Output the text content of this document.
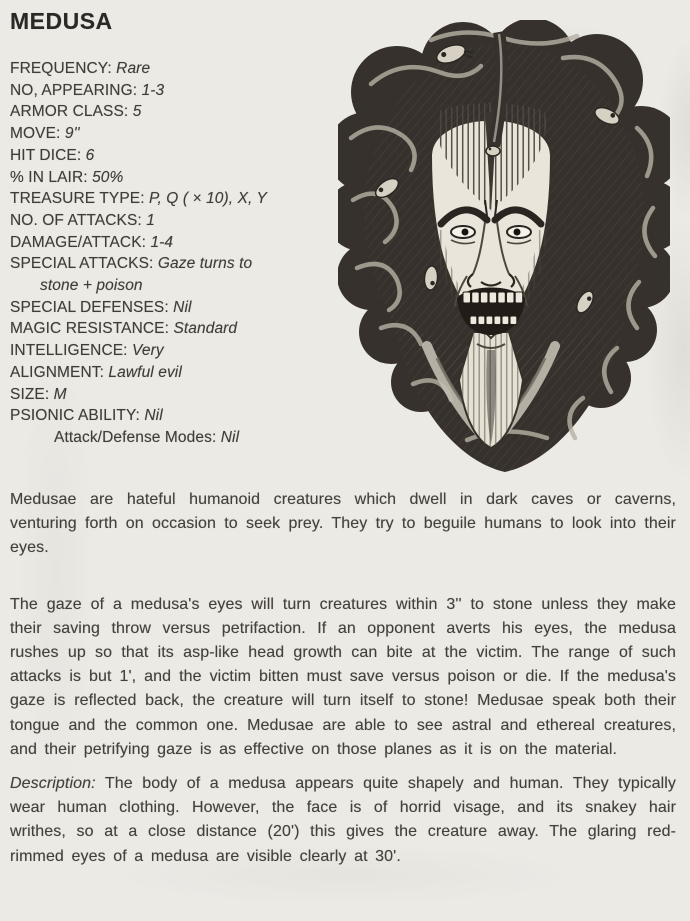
MEDUSA
FREQUENCY: Rare
NO, APPEARING: 1-3
ARMOR CLASS: 5
MOVE: 9''
HIT DICE: 6
% IN LAIR: 50%
TREASURE TYPE: P, Q ( × 10), X, Y
NO. OF ATTACKS: 1
DAMAGE/ATTACK: 1-4
SPECIAL ATTACKS: Gaze turns to
stone + poison
SPECIAL DEFENSES: Nil
MAGIC RESISTANCE: Standard
INTELLIGENCE: Very
ALIGNMENT: Lawful evil
SIZE: M
PSIONIC ABILITY: Nil
Attack/Defense Modes: Nil

Medusae are hateful humanoid creatures which dwell in dark caves or caverns, venturing forth on occasion to seek prey. They try to beguile humans to look into their eyes.

The gaze of a medusa's eyes will turn creatures within 3'' to stone unless they make their saving throw versus petrifaction. If an opponent averts his eyes, the medusa rushes up so that its asp-like head growth can bite at the victim. The range of such attacks is but 1', and the victim bitten must save versus poison or die. If the medusa's gaze is reflected back, the creature will turn itself to stone! Medusae speak both their tongue and the common one. Medusae are able to see astral and ethereal creatures, and their petrifying gaze is as effective on those planes as it is on the material.

Description: The body of a medusa appears quite shapely and human. They typically wear human clothing. However, the face is of horrid visage, and its snakey hair writhes, so at a close distance (20') this gives the creature away. The glaring red-rimmed eyes of a medusa are visible clearly at 30'.
